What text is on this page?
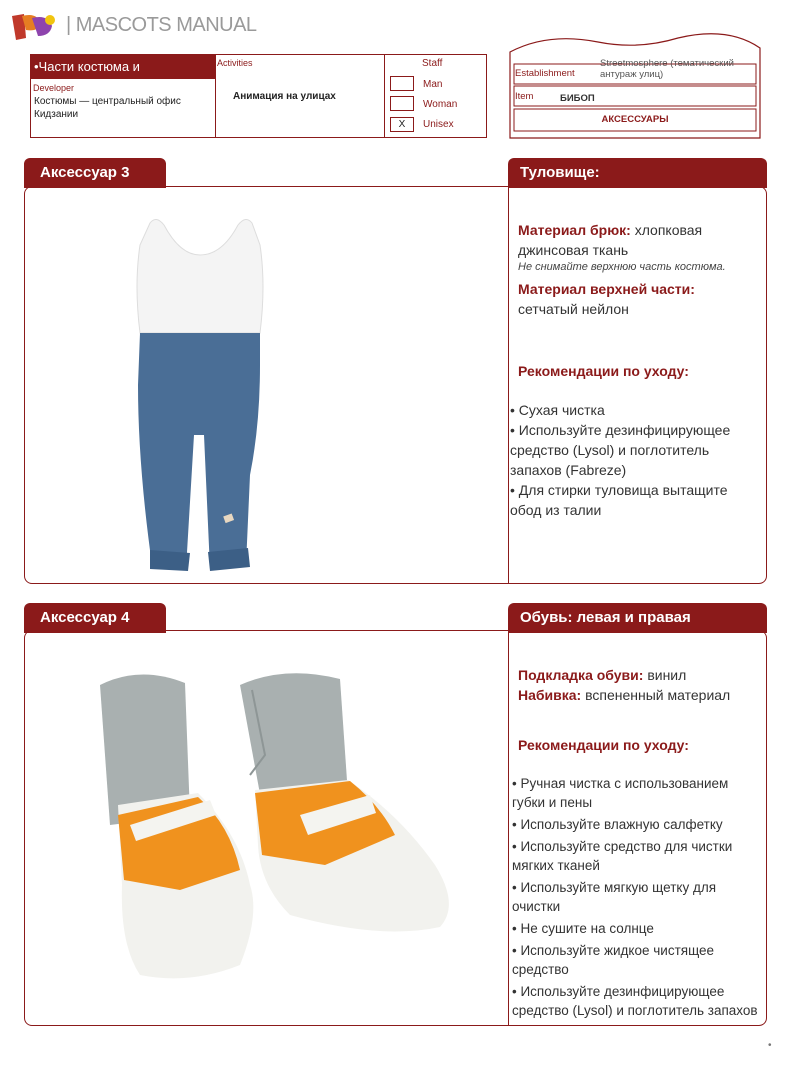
| MASCOTS MANUAL
•Части костюма и
Developer
Костюмы — центральный офис Кидзании
Activities
Анимация на улицах
Staff
Man
Woman
X	Unisex
Establishment
Streetmosphere (тематический антураж улиц)
Item	БИБОП
АКСЕССУАРЫ
Аксессуар 3	Туловище:
Материал брюк: хлопковая джинсовая ткань
Не снимайте верхнюю часть костюма.
Материал верхней части:
сетчатый нейлон
Рекомендации по уходу:
• Сухая чистка
• Используйте дезинфицирующее средство (Lysol) и поглотитель запахов (Fabreze)
• Для стирки туловища вытащите обод из талии
Аксессуар 4	Обувь: левая и правая
Подкладка обуви: винил
Набивка: вспененный материал
Рекомендации по уходу:
• Ручная чистка с использованием губки и пены
• Используйте влажную салфетку
• Используйте средство для чистки мягких тканей
• Используйте мягкую щетку для очистки
• Не сушите на солнце
• Используйте жидкое чистящее средство
• Используйте дезинфицирующее средство (Lysol) и поглотитель запахов
•
